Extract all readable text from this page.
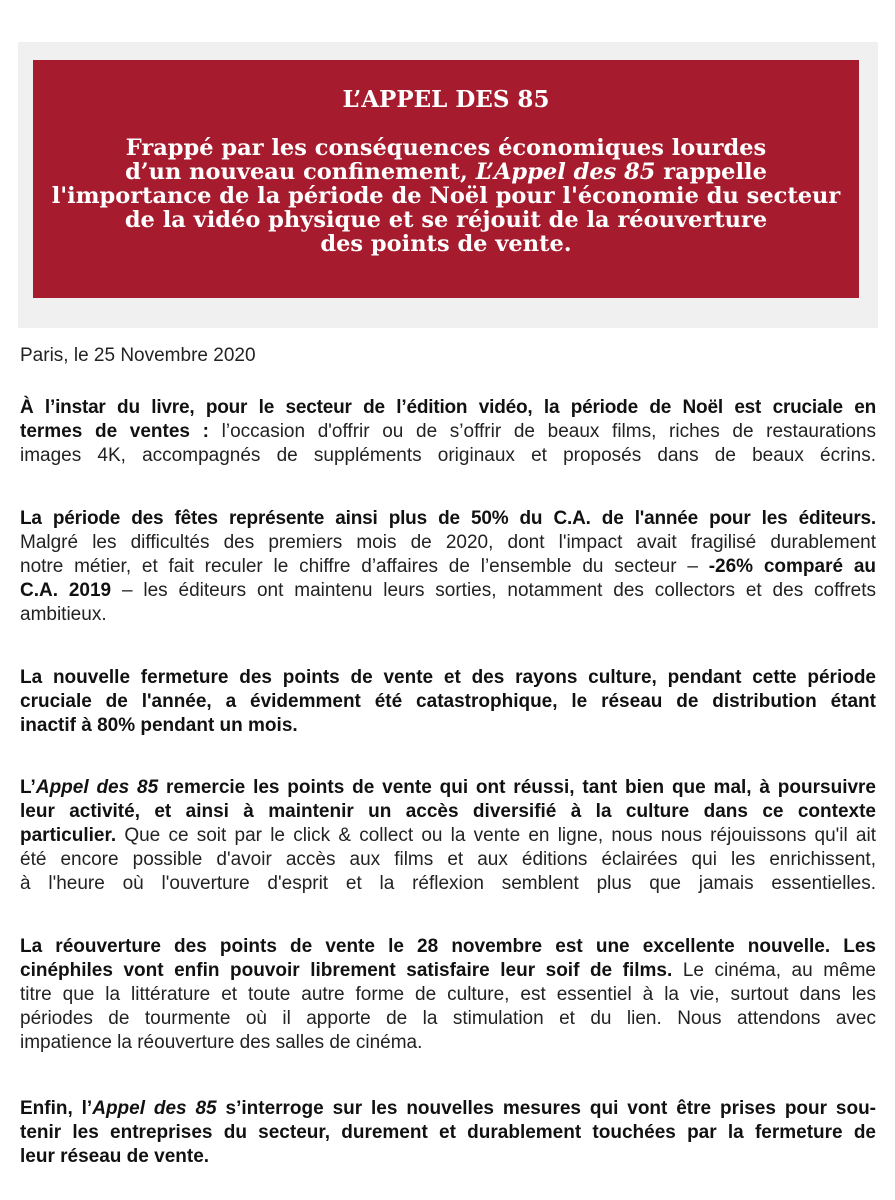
L’APPEL DES 85
Frappé par les conséquences économiques lourdes
d’un nouveau confinement, L’Appel des 85 rappelle
l'importance de la période de Noël pour l'économie du secteur
de la vidéo physique et se réjouit de la réouverture
des points de vente.
Paris, le 25 Novembre 2020
À l’instar du livre, pour le secteur de l’édition vidéo, la période de Noël est cruciale en
termes de ventes : l’occasion d'offrir ou de s’offrir de beaux films, riches de restaurations
images 4K, accompagnés de suppléments originaux et proposés dans de beaux écrins.
La période des fêtes représente ainsi plus de 50% du C.A. de l'année pour les éditeurs.
Malgré les difficultés des premiers mois de 2020, dont l'impact avait fragilisé durablement
notre métier, et fait reculer le chiffre d’affaires de l’ensemble du secteur – -26% comparé au
C.A. 2019 – les éditeurs ont maintenu leurs sorties, notamment des collectors et des coffrets
ambitieux.
La nouvelle fermeture des points de vente et des rayons culture, pendant cette période
cruciale de l'année, a évidemment été catastrophique, le réseau de distribution étant
inactif à 80% pendant un mois.
L’Appel des 85 remercie les points de vente qui ont réussi, tant bien que mal, à poursuivre
leur activité, et ainsi à maintenir un accès diversifié à la culture dans ce contexte
particulier. Que ce soit par le click & collect ou la vente en ligne, nous nous réjouissons qu'il ait
été encore possible d'avoir accès aux films et aux éditions éclairées qui les enrichissent,
à l'heure où l'ouverture d'esprit et la réflexion semblent plus que jamais essentielles.
La réouverture des points de vente le 28 novembre est une excellente nouvelle. Les
cinéphiles vont enfin pouvoir librement satisfaire leur soif de films. Le cinéma, au même
titre que la littérature et toute autre forme de culture, est essentiel à la vie, surtout dans les
périodes de tourmente où il apporte de la stimulation et du lien. Nous attendons avec
impatience la réouverture des salles de cinéma.
Enfin, l’Appel des 85 s’interroge sur les nouvelles mesures qui vont être prises pour sou-
tenir les entreprises du secteur, durement et durablement touchées par la fermeture de
leur réseau de vente.
